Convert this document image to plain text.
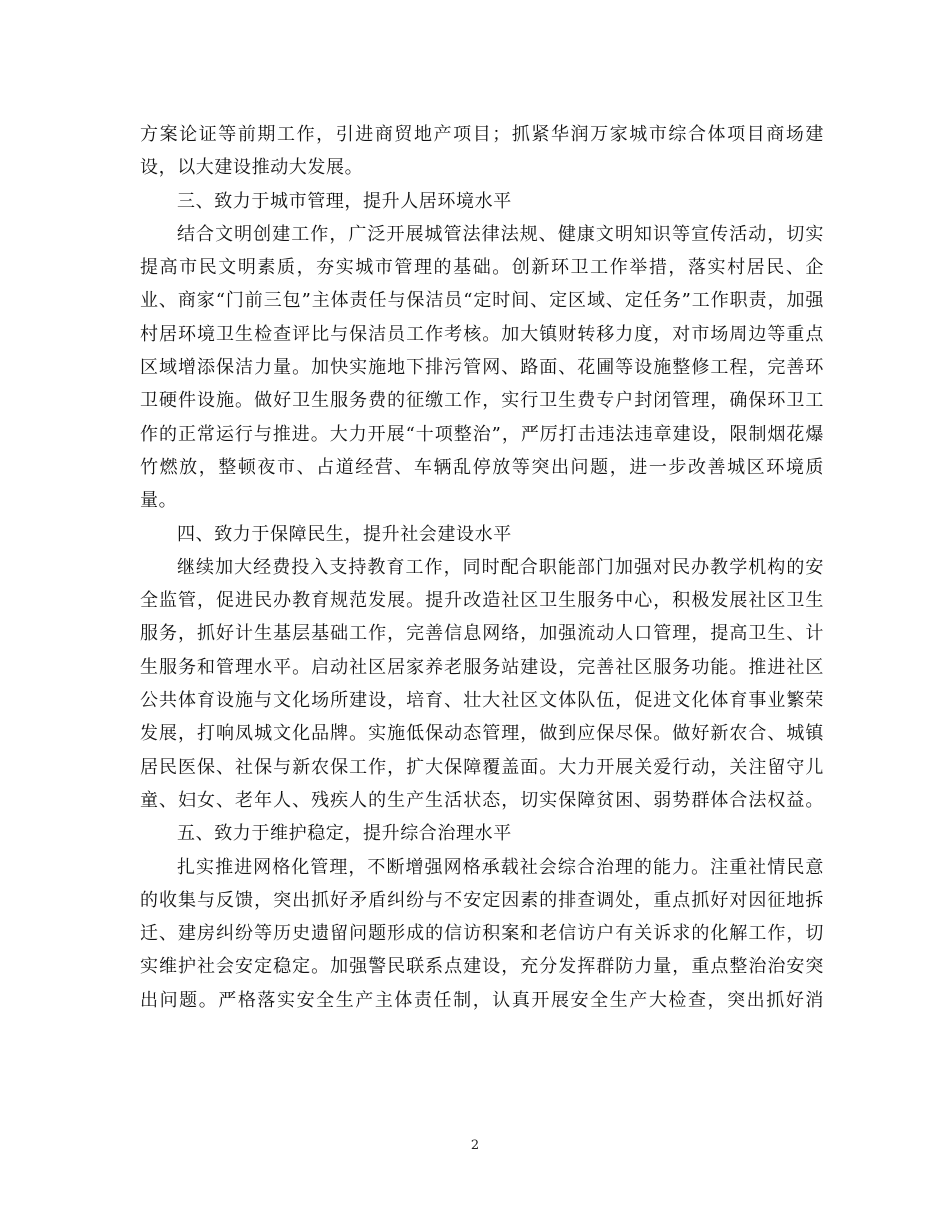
方案论证等前期工作，引进商贸地产项目；抓紧华润万家城市综合体项目商场建
设，以大建设推动大发展。
三、致力于城市管理，提升人居环境水平
结合文明创建工作，广泛开展城管法律法规、健康文明知识等宣传活动，切实
提高市民文明素质，夯实城市管理的基础。创新环卫工作举措，落实村居民、企
业、商家“门前三包”主体责任与保洁员“定时间、定区域、定任务”工作职责，加强
村居环境卫生检查评比与保洁员工作考核。加大镇财转移力度，对市场周边等重点
区域增添保洁力量。加快实施地下排污管网、路面、花圃等设施整修工程，完善环
卫硬件设施。做好卫生服务费的征缴工作，实行卫生费专户封闭管理，确保环卫工
作的正常运行与推进。大力开展“十项整治”，严厉打击违法违章建设，限制烟花爆
竹燃放，整顿夜市、占道经营、车辆乱停放等突出问题，进一步改善城区环境质
量。
四、致力于保障民生，提升社会建设水平
继续加大经费投入支持教育工作，同时配合职能部门加强对民办教学机构的安
全监管，促进民办教育规范发展。提升改造社区卫生服务中心，积极发展社区卫生
服务，抓好计生基层基础工作，完善信息网络，加强流动人口管理，提高卫生、计
生服务和管理水平。启动社区居家养老服务站建设，完善社区服务功能。推进社区
公共体育设施与文化场所建设，培育、壮大社区文体队伍，促进文化体育事业繁荣
发展，打响凤城文化品牌。实施低保动态管理，做到应保尽保。做好新农合、城镇
居民医保、社保与新农保工作，扩大保障覆盖面。大力开展关爱行动，关注留守儿
童、妇女、老年人、残疾人的生产生活状态，切实保障贫困、弱势群体合法权益。
五、致力于维护稳定，提升综合治理水平
扎实推进网格化管理，不断增强网格承载社会综合治理的能力。注重社情民意
的收集与反馈，突出抓好矛盾纠纷与不安定因素的排查调处，重点抓好对因征地拆
迁、建房纠纷等历史遗留问题形成的信访积案和老信访户有关诉求的化解工作，切
实维护社会安定稳定。加强警民联系点建设，充分发挥群防力量，重点整治治安突
出问题。严格落实安全生产主体责任制，认真开展安全生产大检查，突出抓好消
2
